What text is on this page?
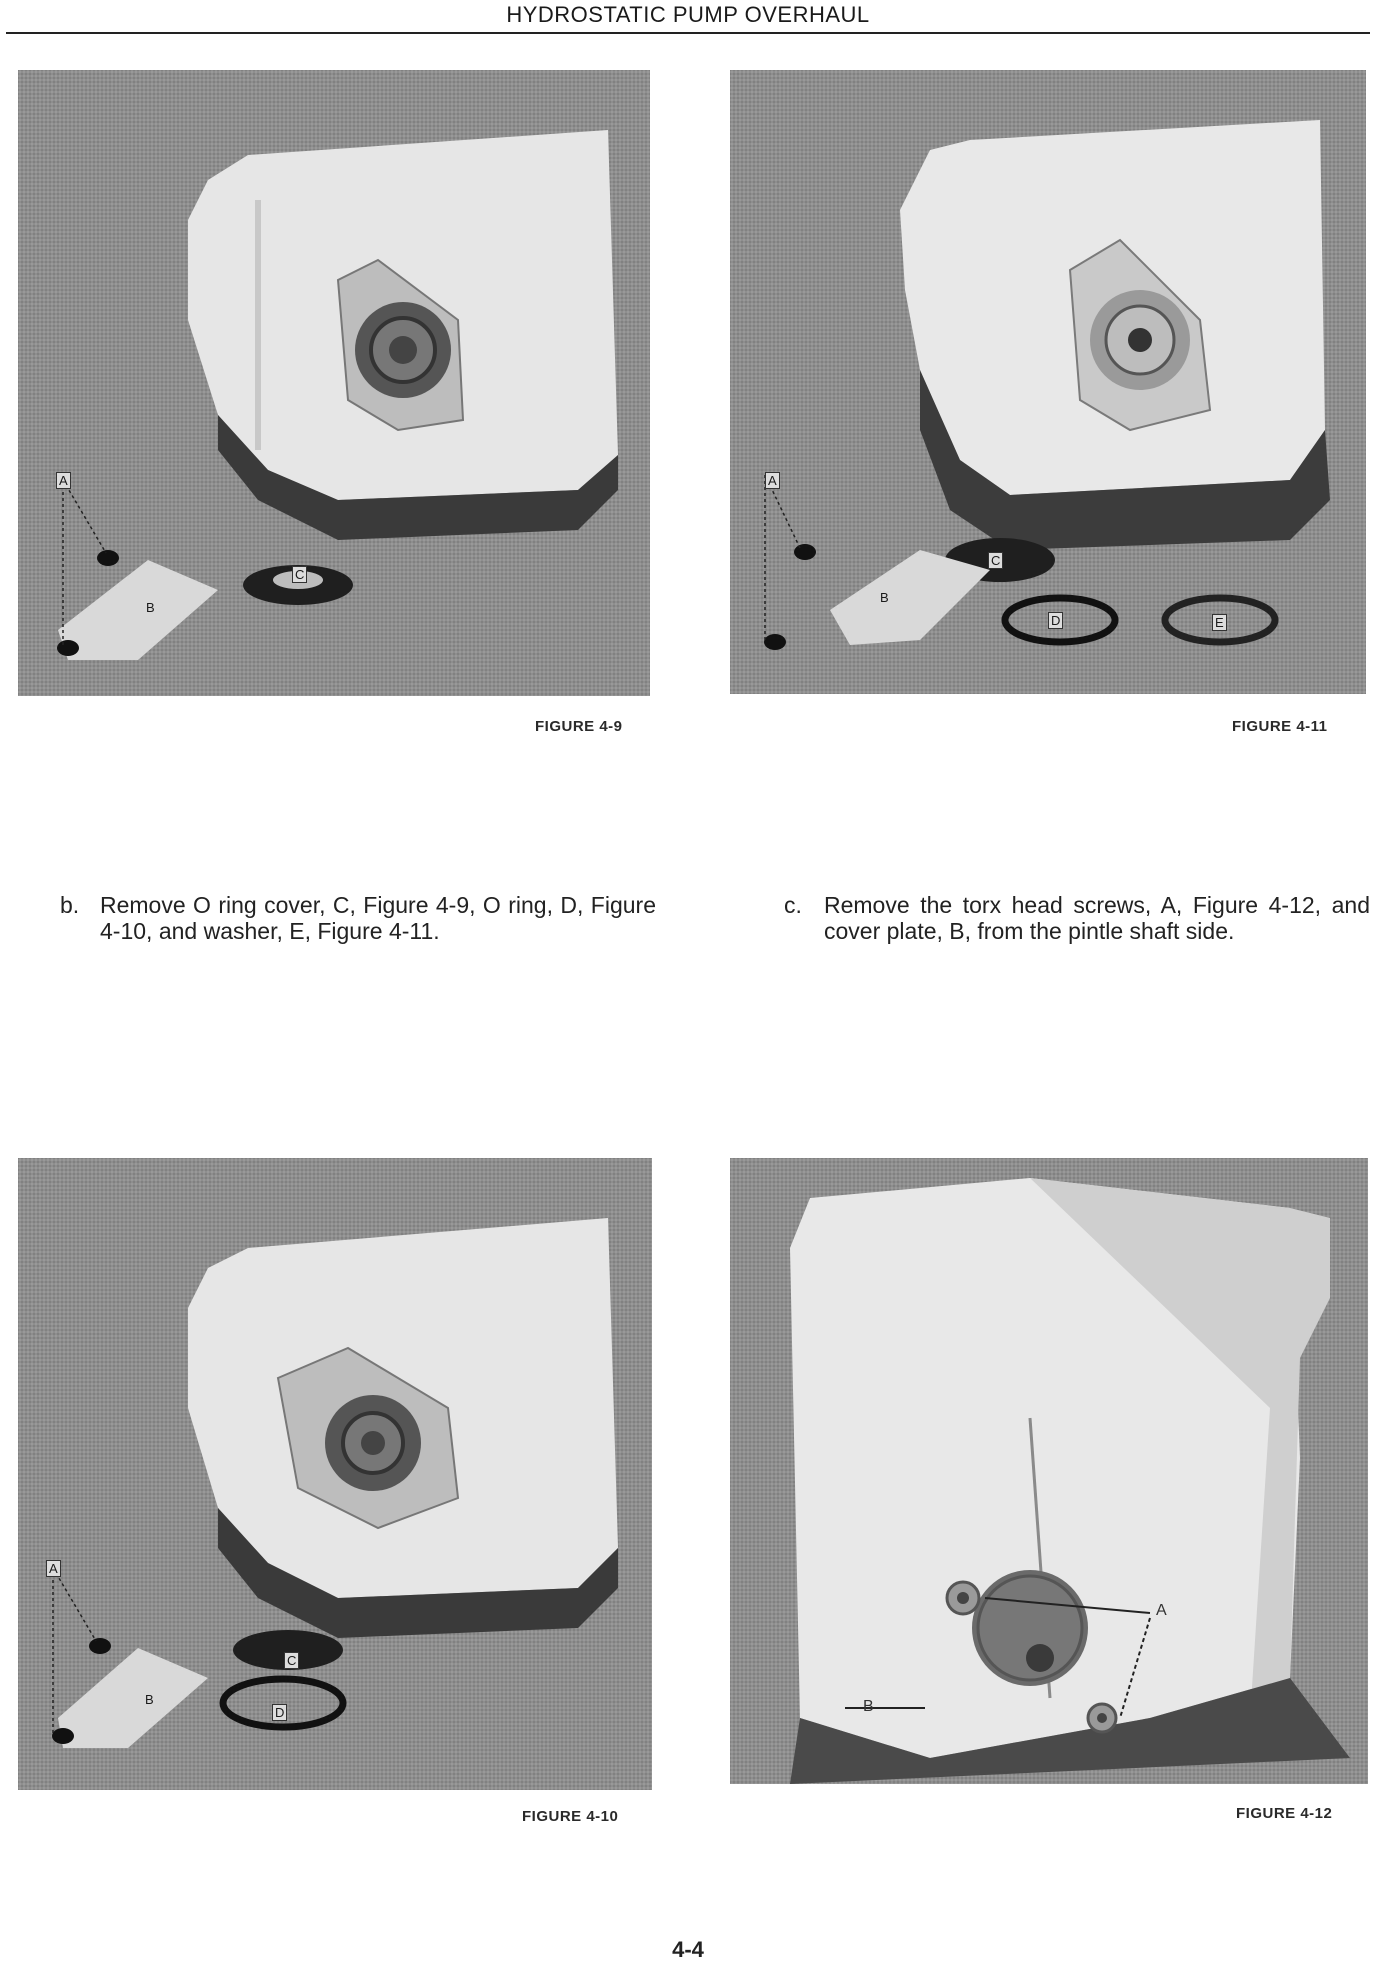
HYDROSTATIC PUMP OVERHAUL
A
B
C
FIGURE 4-9
A
B
C
D	E
FIGURE 4-11
b. Remove O ring cover, C, Figure 4-9, O ring, D, Figure 4-10, and washer, E, Figure 4-11.
c. Remove the torx head screws, A, Figure 4-12, and cover plate, B, from the pintle shaft side.
A
B
C
D
FIGURE 4-10
A
B
FIGURE 4-12
4-4
